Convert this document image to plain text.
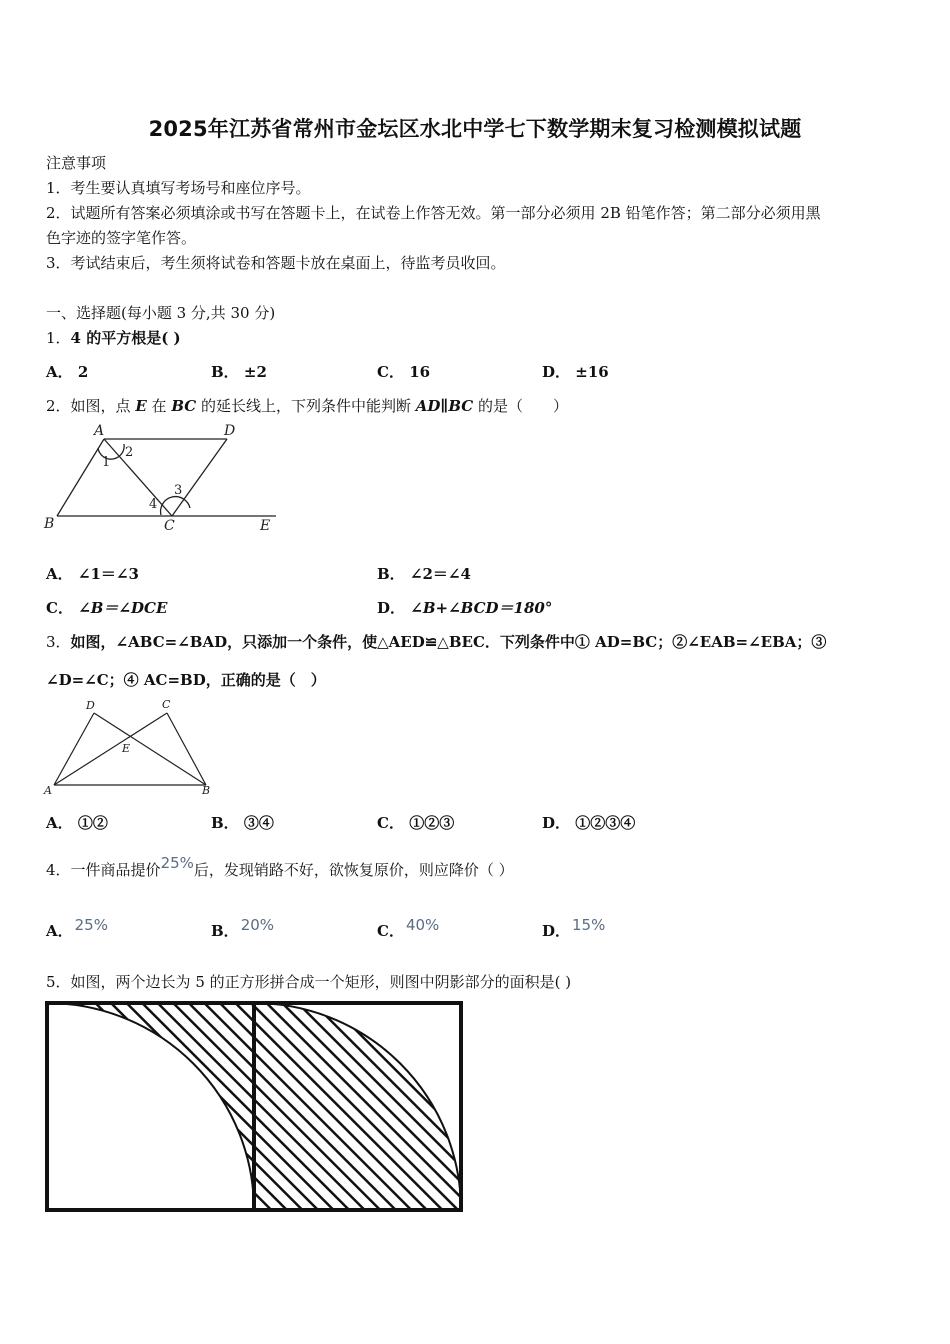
2025年江苏省常州市金坛区水北中学七下数学期末复习检测模拟试题
注意事项
1．考生要认真填写考场号和座位序号。
2．试题所有答案必须填涂或书写在答题卡上，在试卷上作答无效。第一部分必须用 2B 铅笔作答；第二部分必须用黑
色字迹的签字笔作答。
3．考试结束后，考生须将试卷和答题卡放在桌面上，待监考员收回。
一、选择题(每小题 3 分,共 30 分)
1．4 的平方根是( )
A． 2	B． ±2	C． 16	D． ±16
2．如图，点 E 在 BC 的延长线上，下列条件中能判断 AD∥BC 的是（　　）
A	D
B	C	E
1
2
3
4
A． ∠1＝∠3	B． ∠2＝∠4
C． ∠B＝∠DCE	D． ∠B+∠BCD＝180°
3．如图，∠ABC=∠BAD，只添加一个条件，使△AED≌△BEC．下列条件中① AD=BC；②∠EAB=∠EBA；③
∠D=∠C；④ AC=BD，正确的是（　）
D	C
E
A	B
A． ①②	B． ③④	C． ①②③	D． ①②③④
4．一件商品提价25%后，发现销路不好，欲恢复原价，则应降价（ ）
A． 25%	B． 20%	C． 40%	D． 15%
5．如图，两个边长为 5 的正方形拼合成一个矩形，则图中阴影部分的面积是( )
